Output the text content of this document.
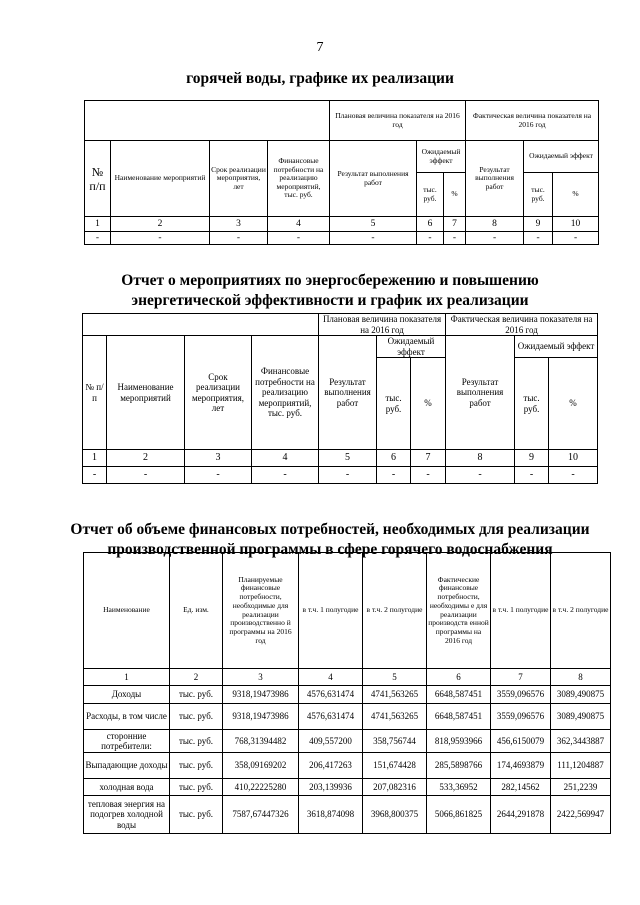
7
горячей воды, графике их реализации
				Плановая величина показателя на 2016 год			Фактическая величина показателя на 2016 год		
№ п/п	Наименование мероприятий	Срок реализации мероприятия, лет	Финансовые потребности на реализацию мероприятий, тыс. руб.	Результат выполнения работ	Ожидаемый эффект		Результат выполнения работ	Ожидаемый эффект	
					тыс. руб.	%		тыс. руб.	%
1	2	3	4	5	6	7	8	9	10
-	-	-	-	-	-	-	-	-	-
Отчет о мероприятиях по энергосбережению и повышению
энергетической эффективности и график их реализации
				Плановая величина показателя на 2016 год			Фактическая величина показателя на 2016 год		
№ п/п	Наименование мероприятий	Срок реализации мероприятия, лет	Финансовые потребности на реализацию мероприятий, тыс. руб.	Результат выполнения работ	Ожидаемый эффект		Результат выполнения работ	Ожидаемый эффект	
					тыс. руб.	%		тыс. руб.	%
1	2	3	4	5	6	7	8	9	10
-	-	-	-	-	-	-	-	-	-
Отчет об объеме финансовых потребностей, необходимых для реализации
производственной программы в сфере горячего водоснабжения
Наименование	Ед. изм.	Планируемые финансовые потребности, необходимые для реализации производственно й программы на 2016 год	в т.ч. 1 полугодие	в т.ч. 2 полугодие	Фактические финансовые потребности, необходимы е для реализации производств енной программы на 2016 год	в т.ч. 1 полугодие	в т.ч. 2 полугодие
1	2	3	4	5	6	7	8
Доходы	тыс. руб.	9318,19473986	4576,631474	4741,563265	6648,587451	3559,096576	3089,490875
Расходы, в том числе	тыс. руб.	9318,19473986	4576,631474	4741,563265	6648,587451	3559,096576	3089,490875
сторонние потребители:	тыс. руб.	768,31394482	409,557200	358,756744	818,9593966	456,6150079	362,3443887
Выпадающие доходы	тыс. руб.	358,09169202	206,417263	151,674428	285,5898766	174,4693879	111,1204887
холодная вода	тыс. руб.	410,22225280	203,139936	207,082316	533,36952	282,14562	251,2239
тепловая энергия на подогрев холодной воды	тыс. руб.	7587,67447326	3618,874098	3968,800375	5066,861825	2644,291878	2422,569947
